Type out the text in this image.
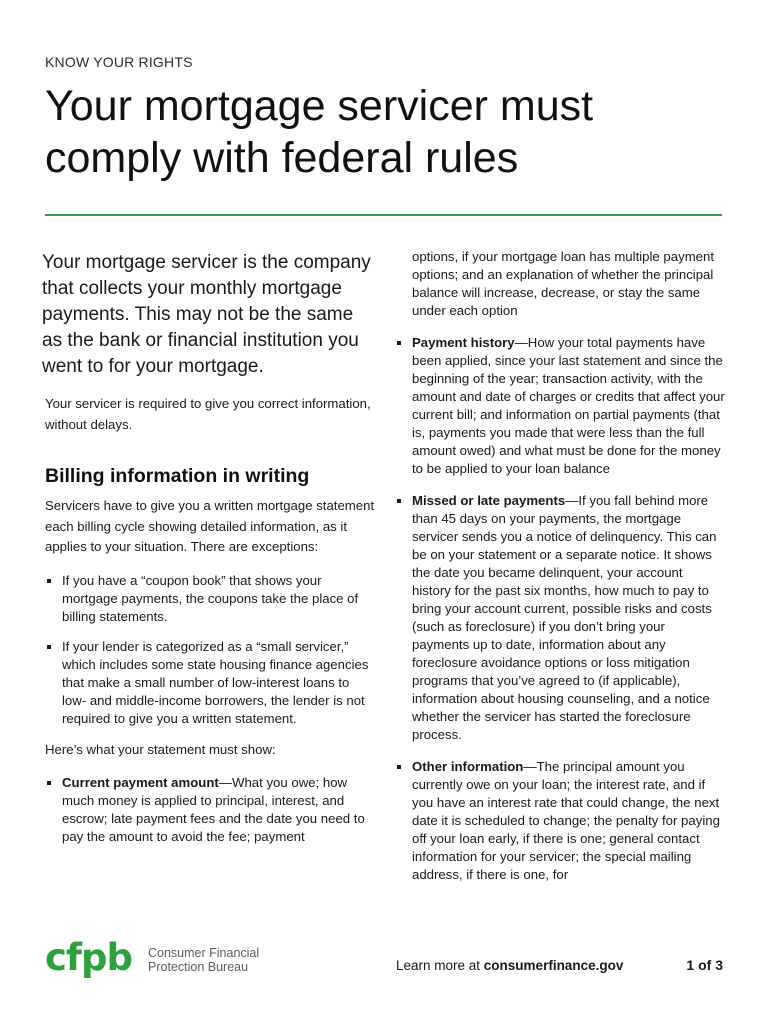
KNOW YOUR RIGHTS
Your mortgage servicer must comply with federal rules

Your mortgage servicer is the company that collects your monthly mortgage payments. This may not be the same as the bank or financial institution you went to for your mortgage.

Your servicer is required to give you correct information, without delays.

Billing information in writing

Servicers have to give you a written mortgage statement each billing cycle showing detailed information, as it applies to your situation. There are exceptions:

If you have a “coupon book” that shows your mortgage payments, the coupons take the place of billing statements.
If your lender is categorized as a “small servicer,” which includes some state housing finance agencies that make a small number of low-interest loans to low- and middle-income borrowers, the lender is not required to give you a written statement.

Here’s what your statement must show:

Current payment amount—What you owe; how much money is applied to principal, interest, and escrow; late payment fees and the date you need to pay the amount to avoid the fee; payment

options, if your mortgage loan has multiple payment options; and an explanation of whether the principal balance will increase, decrease, or stay the same under each option

Payment history—How your total payments have been applied, since your last statement and since the beginning of the year; transaction activity, with the amount and date of charges or credits that affect your current bill; and information on partial payments (that is, payments you made that were less than the full amount owed) and what must be done for the money to be applied to your loan balance
Missed or late payments—If you fall behind more than 45 days on your payments, the mortgage servicer sends you a notice of delinquency. This can be on your statement or a separate notice. It shows the date you became delinquent, your account history for the past six months, how much to pay to bring your account current, possible risks and costs (such as foreclosure) if you don’t bring your payments up to date, information about any foreclosure avoidance options or loss mitigation programs that you’ve agreed to (if applicable), information about housing counseling, and a notice whether the servicer has started the foreclosure process.
Other information—The principal amount you currently owe on your loan; the interest rate, and if you have an interest rate that could change, the next date it is scheduled to change; the penalty for paying off your loan early, if there is one; general contact information for your servicer; the special mailing address, if there is one, for
cfpb Consumer Financial
Protection Bureau	Learn more at consumerfinance.gov	1 of 3
